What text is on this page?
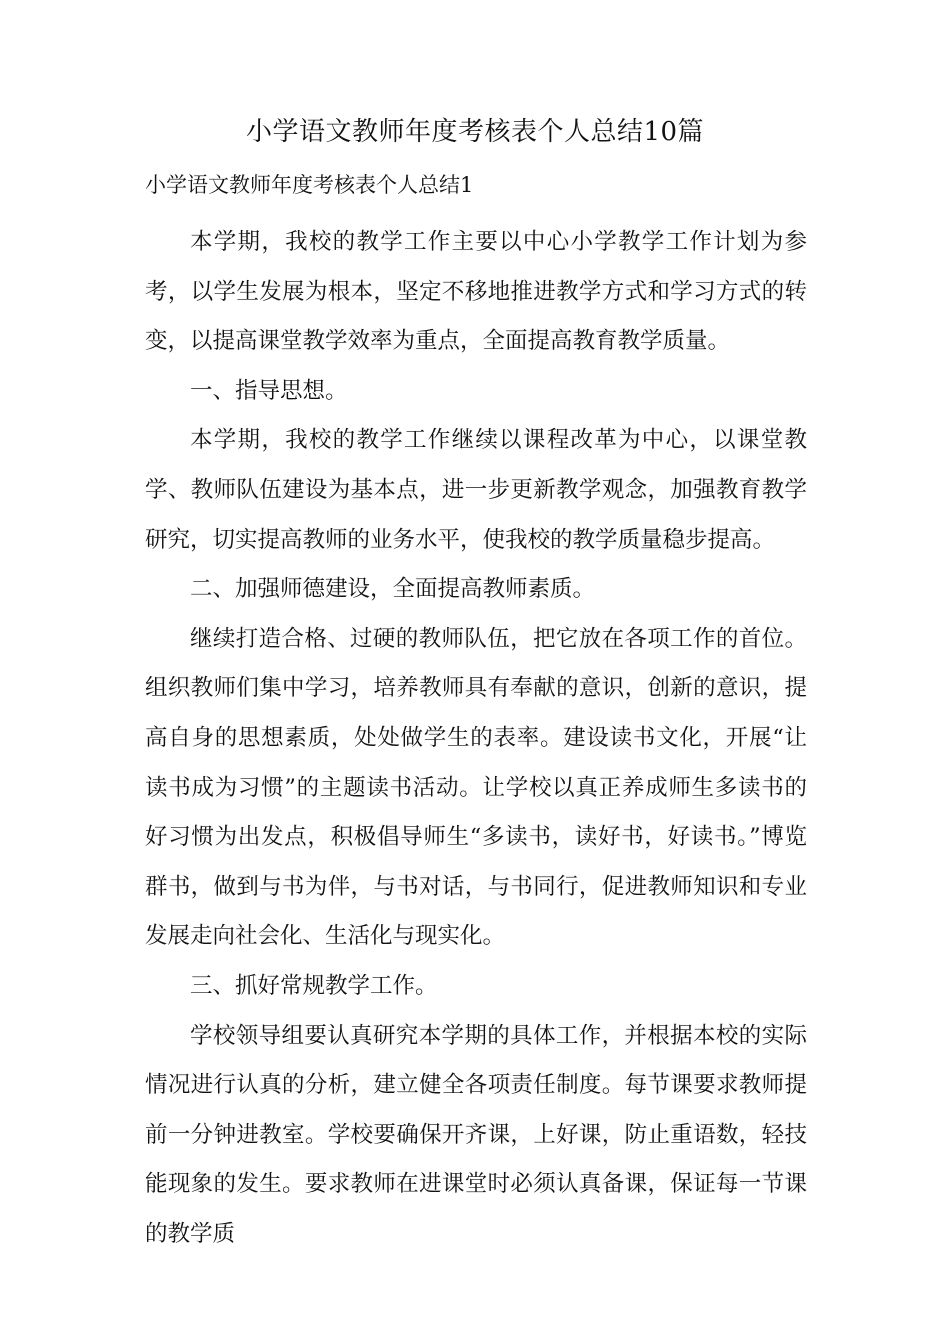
小学语文教师年度考核表个人总结10篇
小学语文教师年度考核表个人总结1

本学期，我校的教学工作主要以中心小学教学工作计划为参考，以学生发展为根本，坚定不移地推进教学方式和学习方式的转变，以提高课堂教学效率为重点，全面提高教育教学质量。

一、指导思想。

本学期，我校的教学工作继续以课程改革为中心，以课堂教学、教师队伍建设为基本点，进一步更新教学观念，加强教育教学研究，切实提高教师的业务水平，使我校的教学质量稳步提高。

二、加强师德建设，全面提高教师素质。

继续打造合格、过硬的教师队伍，把它放在各项工作的首位。组织教师们集中学习，培养教师具有奉献的意识，创新的意识，提高自身的思想素质，处处做学生的表率。建设读书文化，开展“让读书成为习惯”的主题读书活动。让学校以真正养成师生多读书的好习惯为出发点，积极倡导师生“多读书，读好书，好读书。”博览群书，做到与书为伴，与书对话，与书同行，促进教师知识和专业发展走向社会化、生活化与现实化。

三、抓好常规教学工作。

学校领导组要认真研究本学期的具体工作，并根据本校的实际情况进行认真的分析，建立健全各项责任制度。每节课要求教师提前一分钟进教室。学校要确保开齐课，上好课，防止重语数，轻技能现象的发生。要求教师在进课堂时必须认真备课，保证每一节课的教学质
